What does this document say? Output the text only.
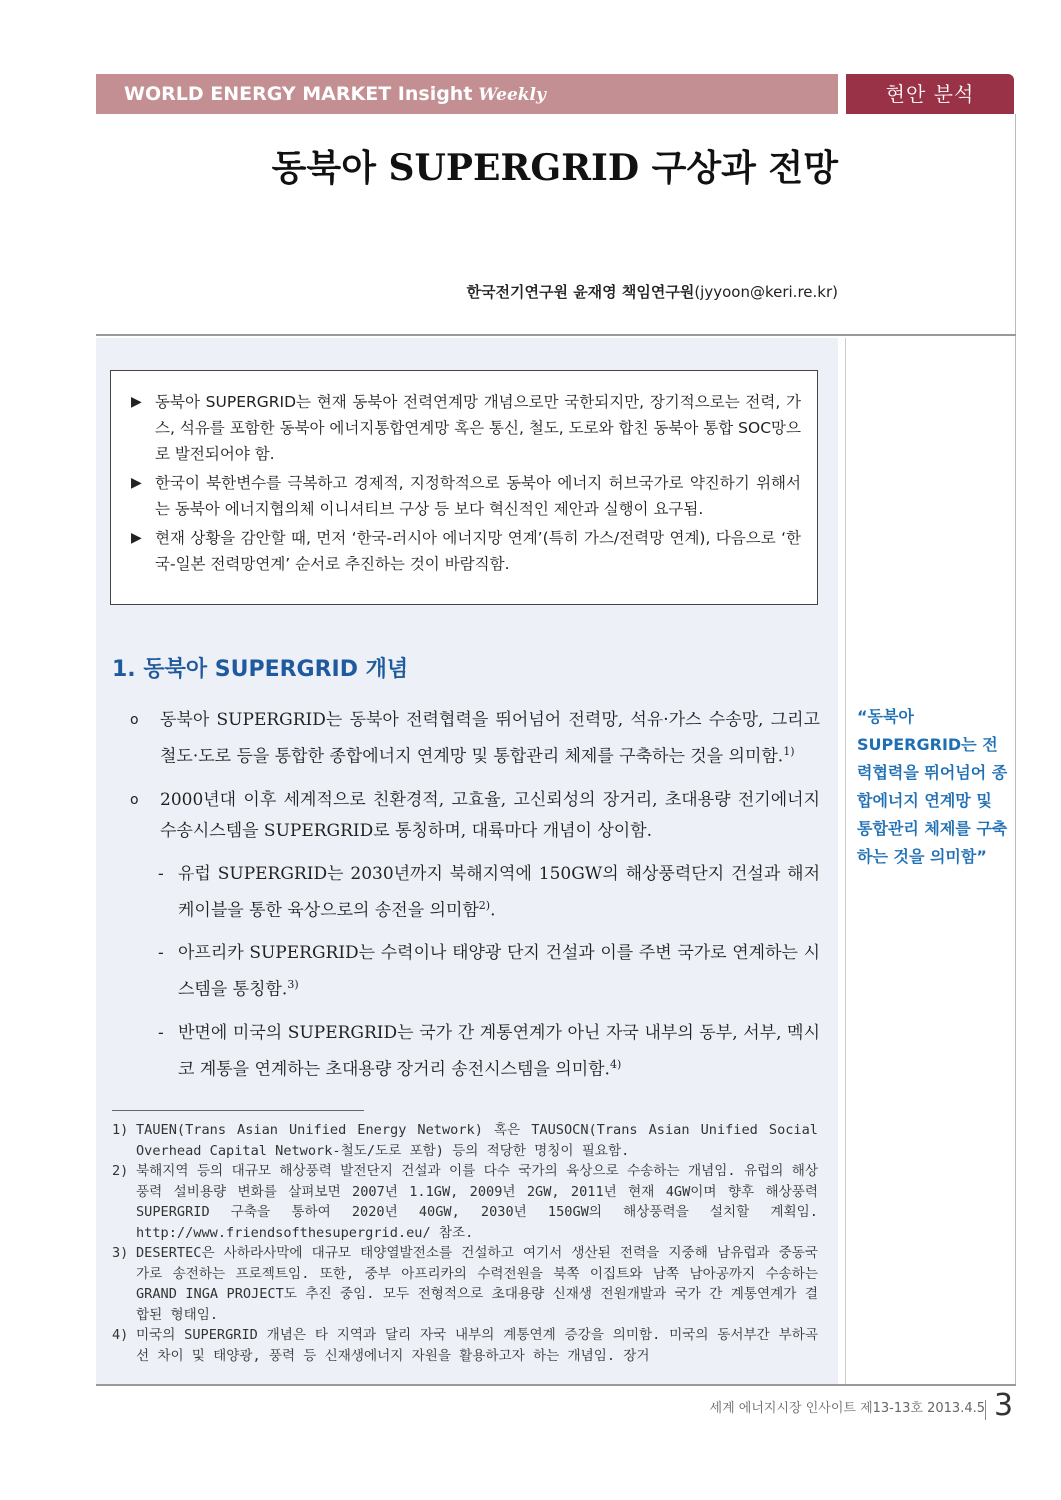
WORLD ENERGY MARKET Insight Weekly	현안 분석
동북아 SUPERGRID 구상과 전망
한국전기연구원 윤재영 책임연구원(jyyoon@keri.re.kr)
▶ 동북아 SUPERGRID는 현재 동북아 전력연계망 개념으로만 국한되지만, 장기적으로는 전력, 가스, 석유를 포함한 동북아 에너지통합연계망 혹은 통신, 철도, 도로와 합친 동북아 통합 SOC망으로 발전되어야 함.
▶ 한국이 북한변수를 극복하고 경제적, 지정학적으로 동북아 에너지 허브국가로 약진하기 위해서는 동북아 에너지협의체 이니셔티브 구상 등 보다 혁신적인 제안과 실행이 요구됨.
▶ 현재 상황을 감안할 때, 먼저 ‘한국-러시아 에너지망 연계’(특히 가스/전력망 연계), 다음으로 ‘한국-일본 전력망연계’ 순서로 추진하는 것이 바람직함.
1. 동북아 SUPERGRID 개념
o	동북아 SUPERGRID는 동북아 전력협력을 뛰어넘어 전력망, 석유·가스 수송망, 그리고 철도·도로 등을 통합한 종합에너지 연계망 및 통합관리 체제를 구축하는 것을 의미함.$^{1)}$
o	2000년대 이후 세계적으로 친환경적, 고효율, 고신뢰성의 장거리, 초대용량 전기에너지 수송시스템을 SUPERGRID로 통칭하며, 대륙마다 개념이 상이함.
- 유럽 SUPERGRID는 2030년까지 북해지역에 150GW의 해상풍력단지 건설과 해저 케이블을 통한 육상으로의 송전을 의미함$^{2)}$.
- 아프리카 SUPERGRID는 수력이나 태양광 단지 건설과 이를 주변 국가로 연계하는 시스템을 통칭함.$^{3)}$
- 반면에 미국의 SUPERGRID는 국가 간 계통연계가 아닌 자국 내부의 동부, 서부, 멕시코 계통을 연계하는 초대용량 장거리 송전시스템을 의미함.$^{4)}$
1) TAUEN(Trans Asian Unified Energy Network) 혹은 TAUSOCN(Trans Asian Unified Social Overhead Capital Network-철도/도로 포함) 등의 적당한 명칭이 필요함.
2) 북해지역 등의 대규모 해상풍력 발전단지 건설과 이를 다수 국가의 육상으로 수송하는 개념임. 유럽의 해상풍력 설비용량 변화를 살펴보면 2007년 1.1GW, 2009년 2GW, 2011년 현재 4GW이며 향후 해상풍력 SUPERGRID 구축을 통하여 2020년 40GW, 2030년 150GW의 해상풍력을 설치할 계획임. http://www.friendsofthesupergrid.eu/ 참조.
3) DESERTEC은 사하라사막에 대규모 태양열발전소를 건설하고 여기서 생산된 전력을 지중해 남유럽과 중동국가로 송전하는 프로젝트임. 또한, 중부 아프리카의 수력전원을 북쪽 이집트와 남쪽 남아공까지 수송하는 GRAND INGA PROJECT도 추진 중임. 모두 전형적으로 초대용량 신재생 전원개발과 국가 간 계통연계가 결합된 형태임.
4) 미국의 SUPERGRID 개념은 타 지역과 달리 자국 내부의 계통연계 증강을 의미함. 미국의 동서부간 부하곡선 차이 및 태양광, 풍력 등 신재생에너지 자원을 활용하고자 하는 개념임. 장거
“동북아 SUPERGRID는 전력협력을 뛰어넘어 종합에너지 연계망 및 통합관리 체제를 구축하는 것을 의미함”
세계 에너지시장 인사이트 제13-13호 2013.4.5 3
